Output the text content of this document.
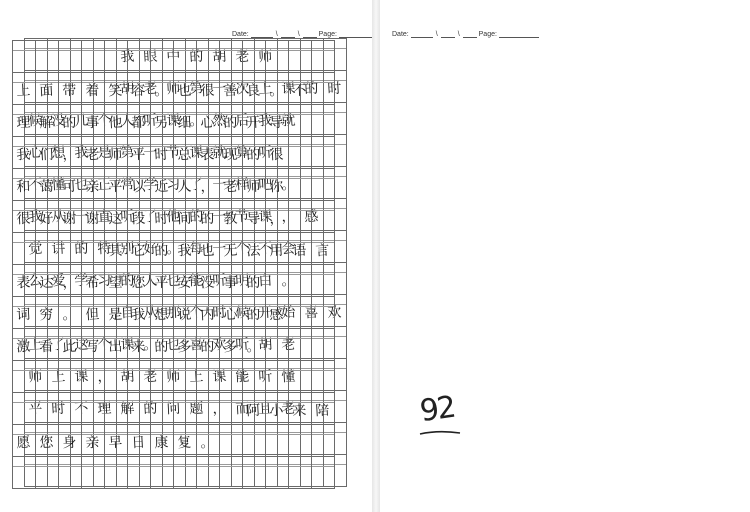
Date:	\	\	Page:
我 眼 中 的 胡 老 师
胡 老 师 第 一 次 上 课 的 时
候 没 几 个 人 听 课 。 然 后 我 就
心 想 我 是 第 一 节 课 就 算 听
不 懂 也 正 常 学 习 了 一 样 吧 。
我 从 一 直 听 了 他 的 一 节 课 ， 感
觉 讲 的 特 别 好 。 每 一 个 不 会
么 爱 学 习 的 人 也 能 听 明 白 。
自 从 那 个 时 候 开 始 喜 欢
上 了 这 个 课 。 也 喜 欢 听 胡 老
师 上 课 ， 胡 老 师 上 课 能 听 懂
平 时 不 理 解 的 问 题 ， 而 且 老
Date:	\	\	Page:
上 面 带 着 笑 容 。 也 很 善 良 。 不
理 解 的 事 他 都 另 细 心 的 开 导
我 们 ， 老 师 平 时 总 表 现 的 很
和 蔼 可 亲 平 以 近 人 ， 老 师 你
很 好 谢 谢 这 段 时 间 的 教 导 ，
其 它 的 我 也 无 法 用 语 言
表 达 ， 希 望 您 平 安 没 事 的
词 穷 。 但 是 我 想 说 内 心 的 感
激 看 此 写 出 来 的 多 的 多 。
阿 小 来 陪
愿 您 身 亲 早 日 康 复 。
92
